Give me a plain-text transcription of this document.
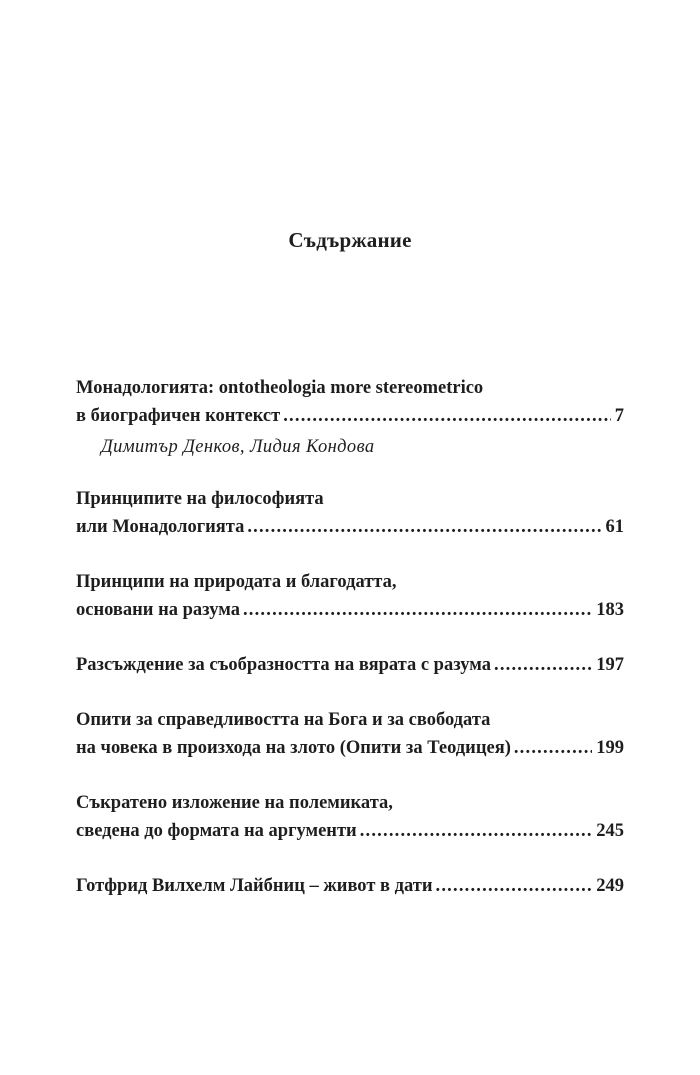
Съдържание
Монадологията: ontotheologia more stereometrico
в биографичен контекст .....	7
Димитър Денков, Лидия Кондова
Принципите на философията
или Монадологията .....	61
Принципи на природата и благодатта,
основани на разума .....	183
Разсъждение за съобразността на вярата с разума .....	197
Опити за справедливостта на Бога и за свободата
на човека в произхода на злото (Опити за Теодицея) .....	199
Съкратено изложение на полемиката,
сведена до формата на аргументи .....	245
Готфрид Вилхелм Лайбниц – живот в дати .....	249
